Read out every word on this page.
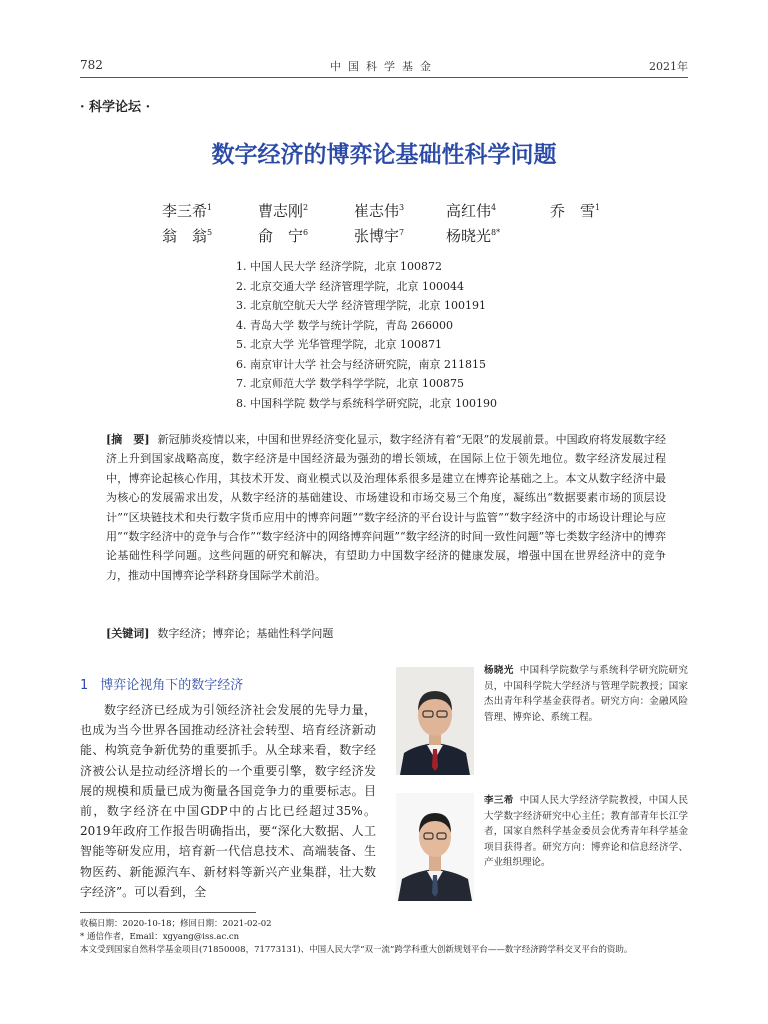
782	中国科学基金	2021年
· 科学论坛 ·
数字经济的博弈论基础性科学问题
李三希$^1$	曹志刚$^2$	崔志伟$^3$	高红伟$^4$	乔　雪$^1$
翁　翁$^5$	俞　宁$^6$	张博宇$^7$	杨晓光$^{8*}$
1. 中国人民大学 经济学院，北京 100872
2. 北京交通大学 经济管理学院，北京 100044
3. 北京航空航天大学 经济管理学院，北京 100191
4. 青岛大学 数学与统计学院，青岛 266000
5. 北京大学 光华管理学院，北京 100871
6. 南京审计大学 社会与经济研究院，南京 211815
7. 北京师范大学 数学科学学院，北京 100875
8. 中国科学院 数学与系统科学研究院，北京 100190
[摘　要] 新冠肺炎疫情以来，中国和世界经济变化显示，数字经济有着“无限”的发展前景。中国政府将发展数字经济上升到国家战略高度，数字经济是中国经济最为强劲的增长领域，在国际上位于领先地位。数字经济发展过程中，博弈论起核心作用，其技术开发、商业模式以及治理体系很多是建立在博弈论基础之上。本文从数字经济中最为核心的发展需求出发，从数字经济的基础建设、市场建设和市场交易三个角度，凝练出“数据要素市场的顶层设计”“区块链技术和央行数字货币应用中的博弈问题”“数字经济的平台设计与监管”“数字经济中的市场设计理论与应用”“数字经济中的竞争与合作”“数字经济中的网络博弈问题”“数字经济的时间一致性问题”等七类数字经济中的博弈论基础性科学问题。这些问题的研究和解决，有望助力中国数字经济的健康发展，增强中国在世界经济中的竞争力，推动中国博弈论学科跻身国际学术前沿。
[关键词] 数字经济；博弈论；基础性科学问题
1 博弈论视角下的数字经济
数字经济已经成为引领经济社会发展的先导力量，也成为当今世界各国推动经济社会转型、培育经济新动能、构筑竞争新优势的重要抓手。从全球来看，数字经济被公认是拉动经济增长的一个重要引擎，数字经济发展的规模和质量已成为衡量各国竞争力的重要标志。目前，数字经济在中国GDP中的占比已经超过35%。2019年政府工作报告明确指出，要“深化大数据、人工智能等研发应用，培育新一代信息技术、高端装备、生物医药、新能源汽车、新材料等新兴产业集群，壮大数字经济”。可以看到，全
杨晓光 中国科学院数学与系统科学研究院研究员，中国科学院大学经济与管理学院教授；国家杰出青年科学基金获得者。研究方向：金融风险管理、博弈论、系统工程。
李三希 中国人民大学经济学院教授，中国人民大学数字经济研究中心主任；教育部青年长江学者，国家自然科学基金委员会优秀青年科学基金项目获得者。研究方向：博弈论和信息经济学、产业组织理论。
收稿日期：2020-10-18；修回日期：2021-02-02
* 通信作者，Email：xgyang@iss.ac.cn
本文受到国家自然科学基金项目(71850008，71773131)、中国人民大学“双一流”跨学科重大创新规划平台——数字经济跨学科交叉平台的资助。
